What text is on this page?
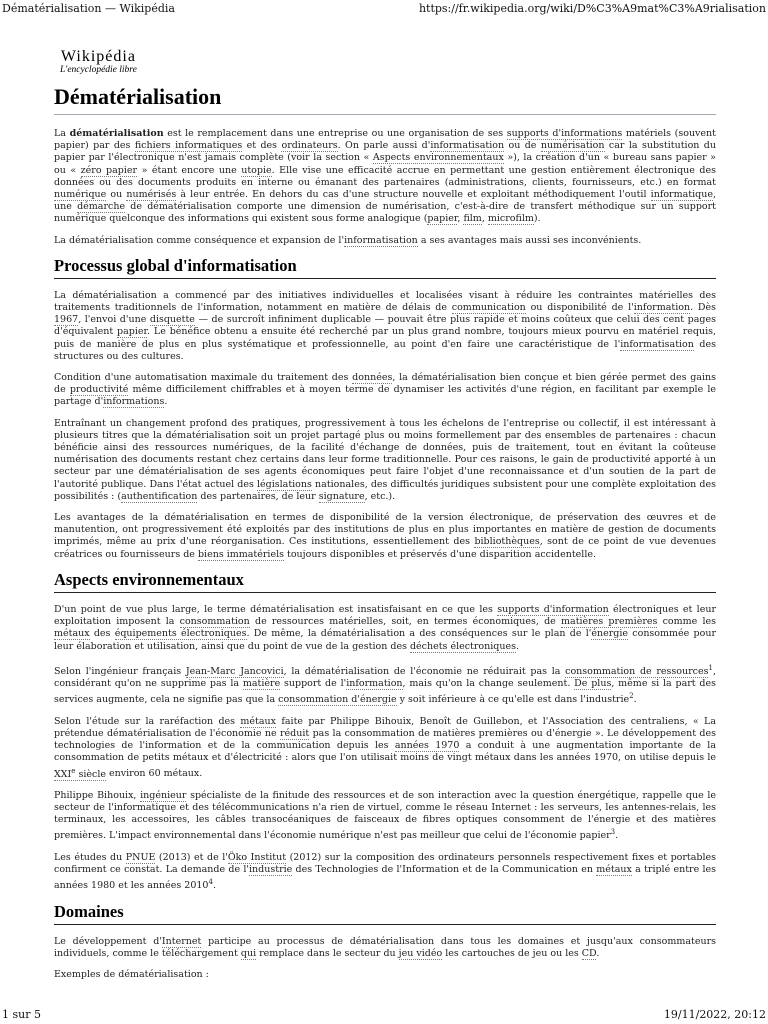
Dématérialisation — Wikipédia	https://fr.wikipedia.org/wiki/D%C3%A9mat%C3%A9rialisation
Wikipédia
L'encyclopédie libre
Dématérialisation

La dématérialisation est le remplacement dans une entreprise ou une organisation de ses supports d'informations matériels (souvent papier) par des fichiers informatiques et des ordinateurs. On parle aussi d'informatisation ou de numérisation car la substitution du papier par l'électronique n'est jamais complète (voir la section « Aspects environnementaux »), la création d'un « bureau sans papier » ou « zéro papier » étant encore une utopie. Elle vise une efficacité accrue en permettant une gestion entièrement électronique des données ou des documents produits en interne ou émanant des partenaires (administrations, clients, fournisseurs, etc.) en format numérique ou numérisés à leur entrée. En dehors du cas d'une structure nouvelle et exploitant méthodiquement l'outil informatique, une démarche de dématérialisation comporte une dimension de numérisation, c'est-à-dire de transfert méthodique sur un support numérique quelconque des informations qui existent sous forme analogique (papier, film, microfilm).

La dématérialisation comme conséquence et expansion de l'informatisation a ses avantages mais aussi ses inconvénients.

Processus global d'informatisation

La dématérialisation a commencé par des initiatives individuelles et localisées visant à réduire les contraintes matérielles des traitements traditionnels de l'information, notamment en matière de délais de communication ou disponibilité de l'information. Dès 1967, l'envoi d'une disquette — de surcroît infiniment duplicable — pouvait être plus rapide et moins coûteux que celui des cent pages d'équivalent papier. Le bénéfice obtenu a ensuite été recherché par un plus grand nombre, toujours mieux pourvu en matériel requis, puis de manière de plus en plus systématique et professionnelle, au point d'en faire une caractéristique de l'informatisation des structures ou des cultures.

Condition d'une automatisation maximale du traitement des données, la dématérialisation bien conçue et bien gérée permet des gains de productivité même difficilement chiffrables et à moyen terme de dynamiser les activités d'une région, en facilitant par exemple le partage d'informations.

Entraînant un changement profond des pratiques, progressivement à tous les échelons de l'entreprise ou collectif, il est intéressant à plusieurs titres que la dématérialisation soit un projet partagé plus ou moins formellement par des ensembles de partenaires : chacun bénéficie ainsi des ressources numériques, de la facilité d'échange de données, puis de traitement, tout en évitant la coûteuse numérisation des documents restant chez certains dans leur forme traditionnelle. Pour ces raisons, le gain de productivité apporté à un secteur par une dématérialisation de ses agents économiques peut faire l'objet d'une reconnaissance et d'un soutien de la part de l'autorité publique. Dans l'état actuel des législations nationales, des difficultés juridiques subsistent pour une complète exploitation des possibilités : (authentification des partenaires, de leur signature, etc.).

Les avantages de la dématérialisation en termes de disponibilité de la version électronique, de préservation des œuvres et de manutention, ont progressivement été exploités par des institutions de plus en plus importantes en matière de gestion de documents imprimés, même au prix d'une réorganisation. Ces institutions, essentiellement des bibliothèques, sont de ce point de vue devenues créatrices ou fournisseurs de biens immatériels toujours disponibles et préservés d'une disparition accidentelle.

Aspects environnementaux

D'un point de vue plus large, le terme dématérialisation est insatisfaisant en ce que les supports d'information électroniques et leur exploitation imposent la consommation de ressources matérielles, soit, en termes économiques, de matières premières comme les métaux des équipements électroniques. De même, la dématérialisation a des conséquences sur le plan de l'énergie consommée pour leur élaboration et utilisation, ainsi que du point de vue de la gestion des déchets électroniques.

Selon l'ingénieur français Jean-Marc Jancovici, la dématérialisation de l'économie ne réduirait pas la consommation de ressources$^1$, considérant qu'on ne supprime pas la matière support de l'information, mais qu'on la change seulement. De plus, même si la part des services augmente, cela ne signifie pas que la consommation d'énergie y soit inférieure à ce qu'elle est dans l'industrie$^2$.

Selon l'étude sur la raréfaction des métaux faite par Philippe Bihouix, Benoît de Guillebon, et l'Association des centraliens, « La prétendue dématérialisation de l'économie ne réduit pas la consommation de matières premières ou d'énergie ». Le développement des technologies de l'information et de la communication depuis les années 1970 a conduit à une augmentation importante de la consommation de petits métaux et d'électricité : alors que l'on utilisait moins de vingt métaux dans les années 1970, on utilise depuis le XXIe siècle environ 60 métaux.

Philippe Bihouix, ingénieur spécialiste de la finitude des ressources et de son interaction avec la question énergétique, rappelle que le secteur de l'informatique et des télécommunications n'a rien de virtuel, comme le réseau Internet : les serveurs, les antennes-relais, les terminaux, les accessoires, les câbles transocéaniques de faisceaux de fibres optiques consomment de l'énergie et des matières premières. L'impact environnemental dans l'économie numérique n'est pas meilleur que celui de l'économie papier$^3$.

Les études du PNUE (2013) et de l'Öko Institut (2012) sur la composition des ordinateurs personnels respectivement fixes et portables confirment ce constat. La demande de l'industrie des Technologies de l'Information et de la Communication en métaux a triplé entre les années 1980 et les années 2010$^4$.

Domaines

Le développement d'Internet participe au processus de dématérialisation dans tous les domaines et jusqu'aux consommateurs individuels, comme le téléchargement qui remplace dans le secteur du jeu vidéo les cartouches de jeu ou les CD.

Exemples de dématérialisation :

1 sur 5	19/11/2022, 20:12
